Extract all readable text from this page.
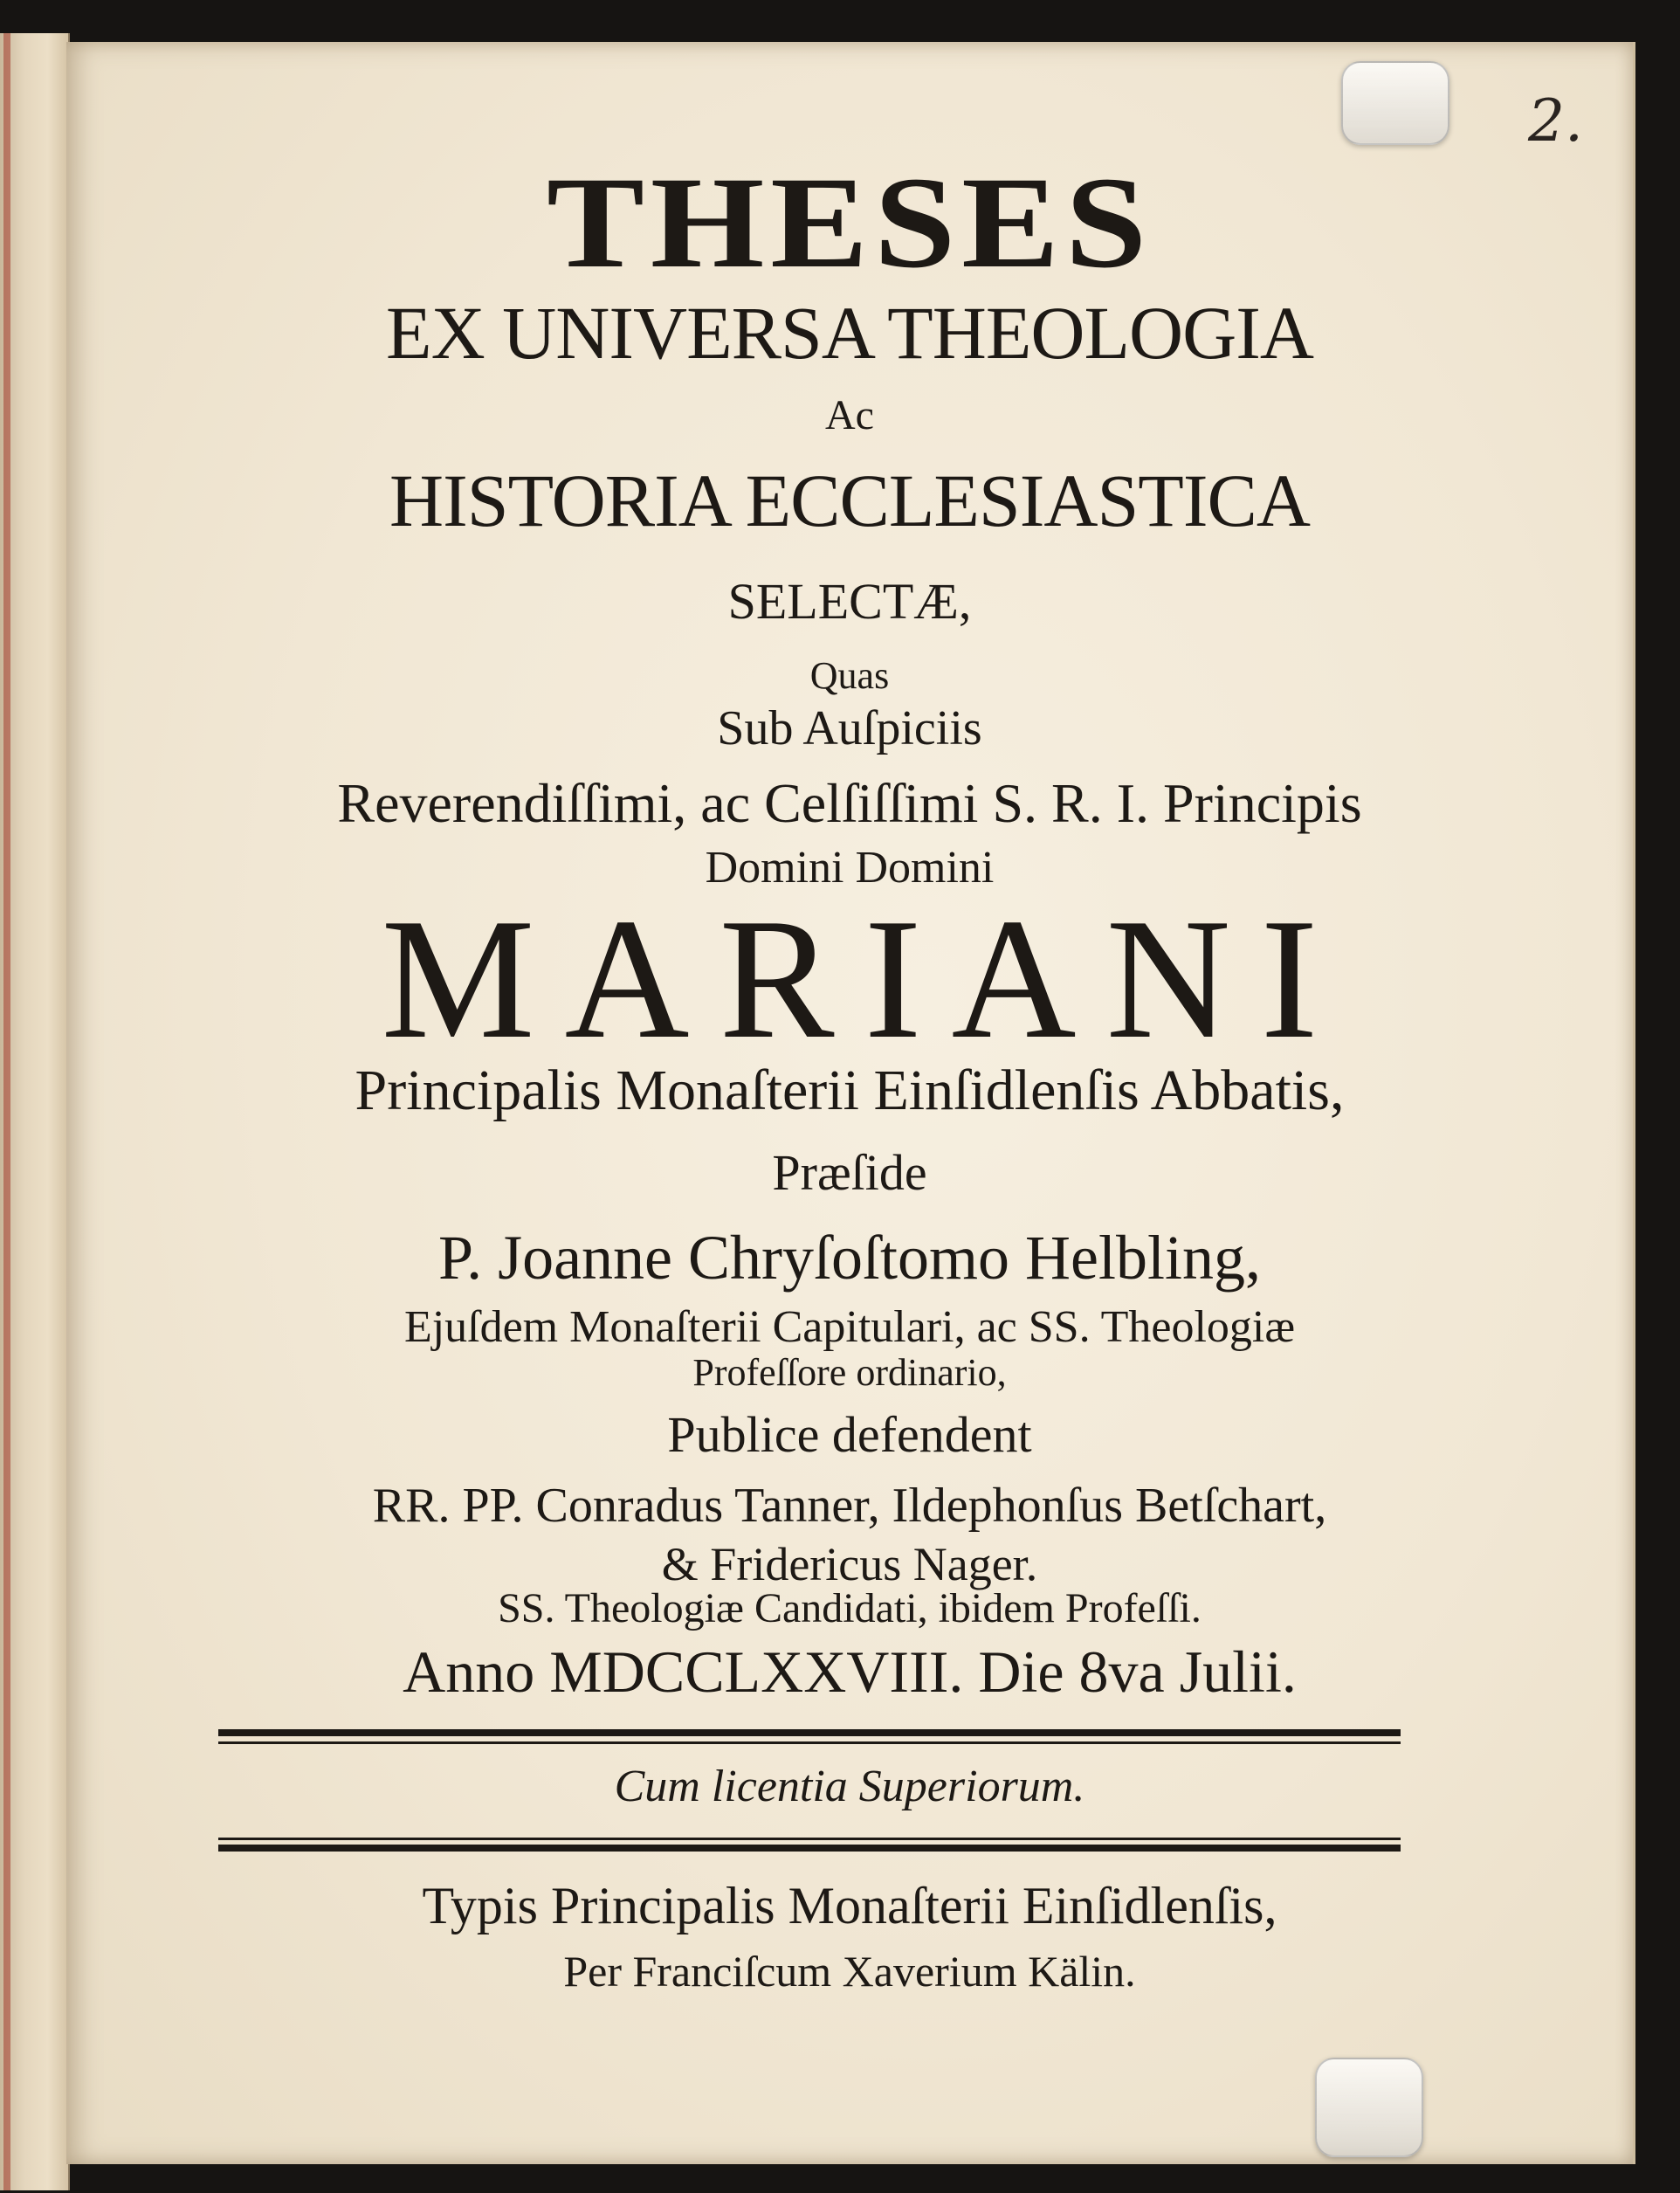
2.
THESES
EX UNIVERSA THEOLOGIA
Ac
HISTORIA ECCLESIASTICA
SELECTÆ,
Quas
Sub Auſpiciis
Reverendiſſimi, ac Celſiſſimi S. R. I. Principis
Domini Domini
MARIANI
Principalis Monaſterii Einſidlenſis Abbatis,
Præſide
P. Joanne Chryſoſtomo Helbling,
Ejuſdem Monaſterii Capitulari, ac SS. Theologiæ
Profeſſore ordinario,
Publice defendent
RR. PP. Conradus Tanner, Ildephonſus Betſchart,
& Fridericus Nager.
SS. Theologiæ Candidati, ibidem Profeſſi.
Anno MDCCLXXVIII. Die 8va Julii.
Cum licentia Superiorum.
Typis Principalis Monaſterii Einſidlenſis,
Per Franciſcum Xaverium Kälin.
